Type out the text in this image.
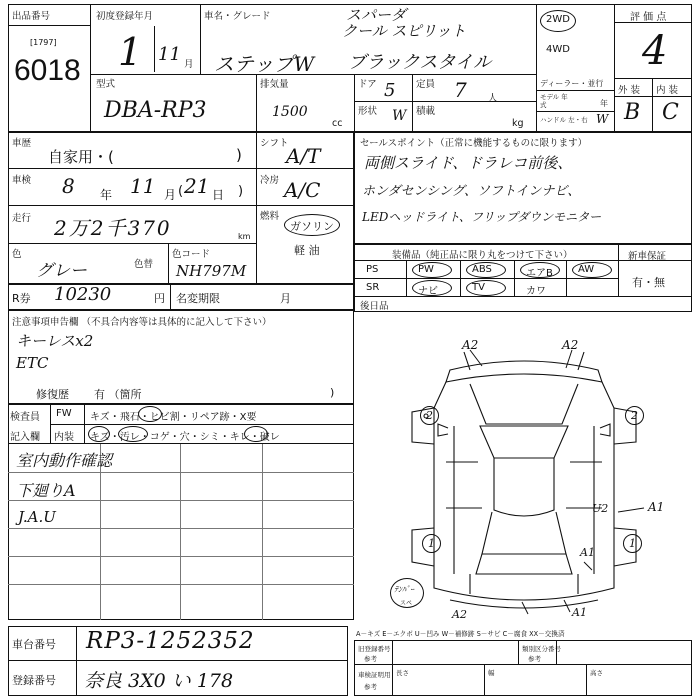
出品番号
[1797]
6018
初度登録年月
1 11 月
車名・グレード	スパーダ
クール スピリット
ステップW ブラックスタイル
2WD
4WD
評 価 点
4
外 装 内 装
B C
型式
DBA-RP3
排気量
1500
cc
ドア 5 定員 7 人
形状 W 積載
kg
ディーラー・並行
モデル 年式	年
ハンドル 左・右 W
車歴
自家用・(	)
車検 8 年 11 月 ( 21 日 )
走行 2万2千370	km
色
グレー	色替
色コード
NH797M
シフト
A/T
冷房 A/C
燃料
ガソリン
軽 油
セールスポイント（正常に機能するものに限ります）
両側スライド、ドラレコ前後、
ホンダセンシング、ソフトインナビ、
LEDヘッドライト、フリップダウンモニター
装備品（純正品に限り丸をつけて下さい）	新車保証
有・無
PS	PW	ABS	エアB	AW
SR	ナビ	TV	カワ
後日品
R券 10230	円 名変期限	月
注意事項申告欄 （不具合内容等は具体的に記入して下さい）
キーレスx2
ETC
修復歴 有 （箇所	)
検査員
記入欄
FW キズ・飛石・ヒビ割・リペア跡・X要
内装 キズ・汚レ・コゲ・穴・シミ・キレ・破レ
室内動作確認
下廻りA
J.A.U
A2	A2
2	2
1	1
U2	A1
A1
A2	A1
ﾃﾝﾊﾟｰ
スペ
A－キズ E－エクボ U－凹み W－補修跡 S－サビ C－腐食 XX－交換済
車台番号 RP3-1252352
登録番号 奈良 3X0 い 178
旧登録番号
参考
類別区分番号
参考
車検証明用
参考
長さ	幅	高さ
